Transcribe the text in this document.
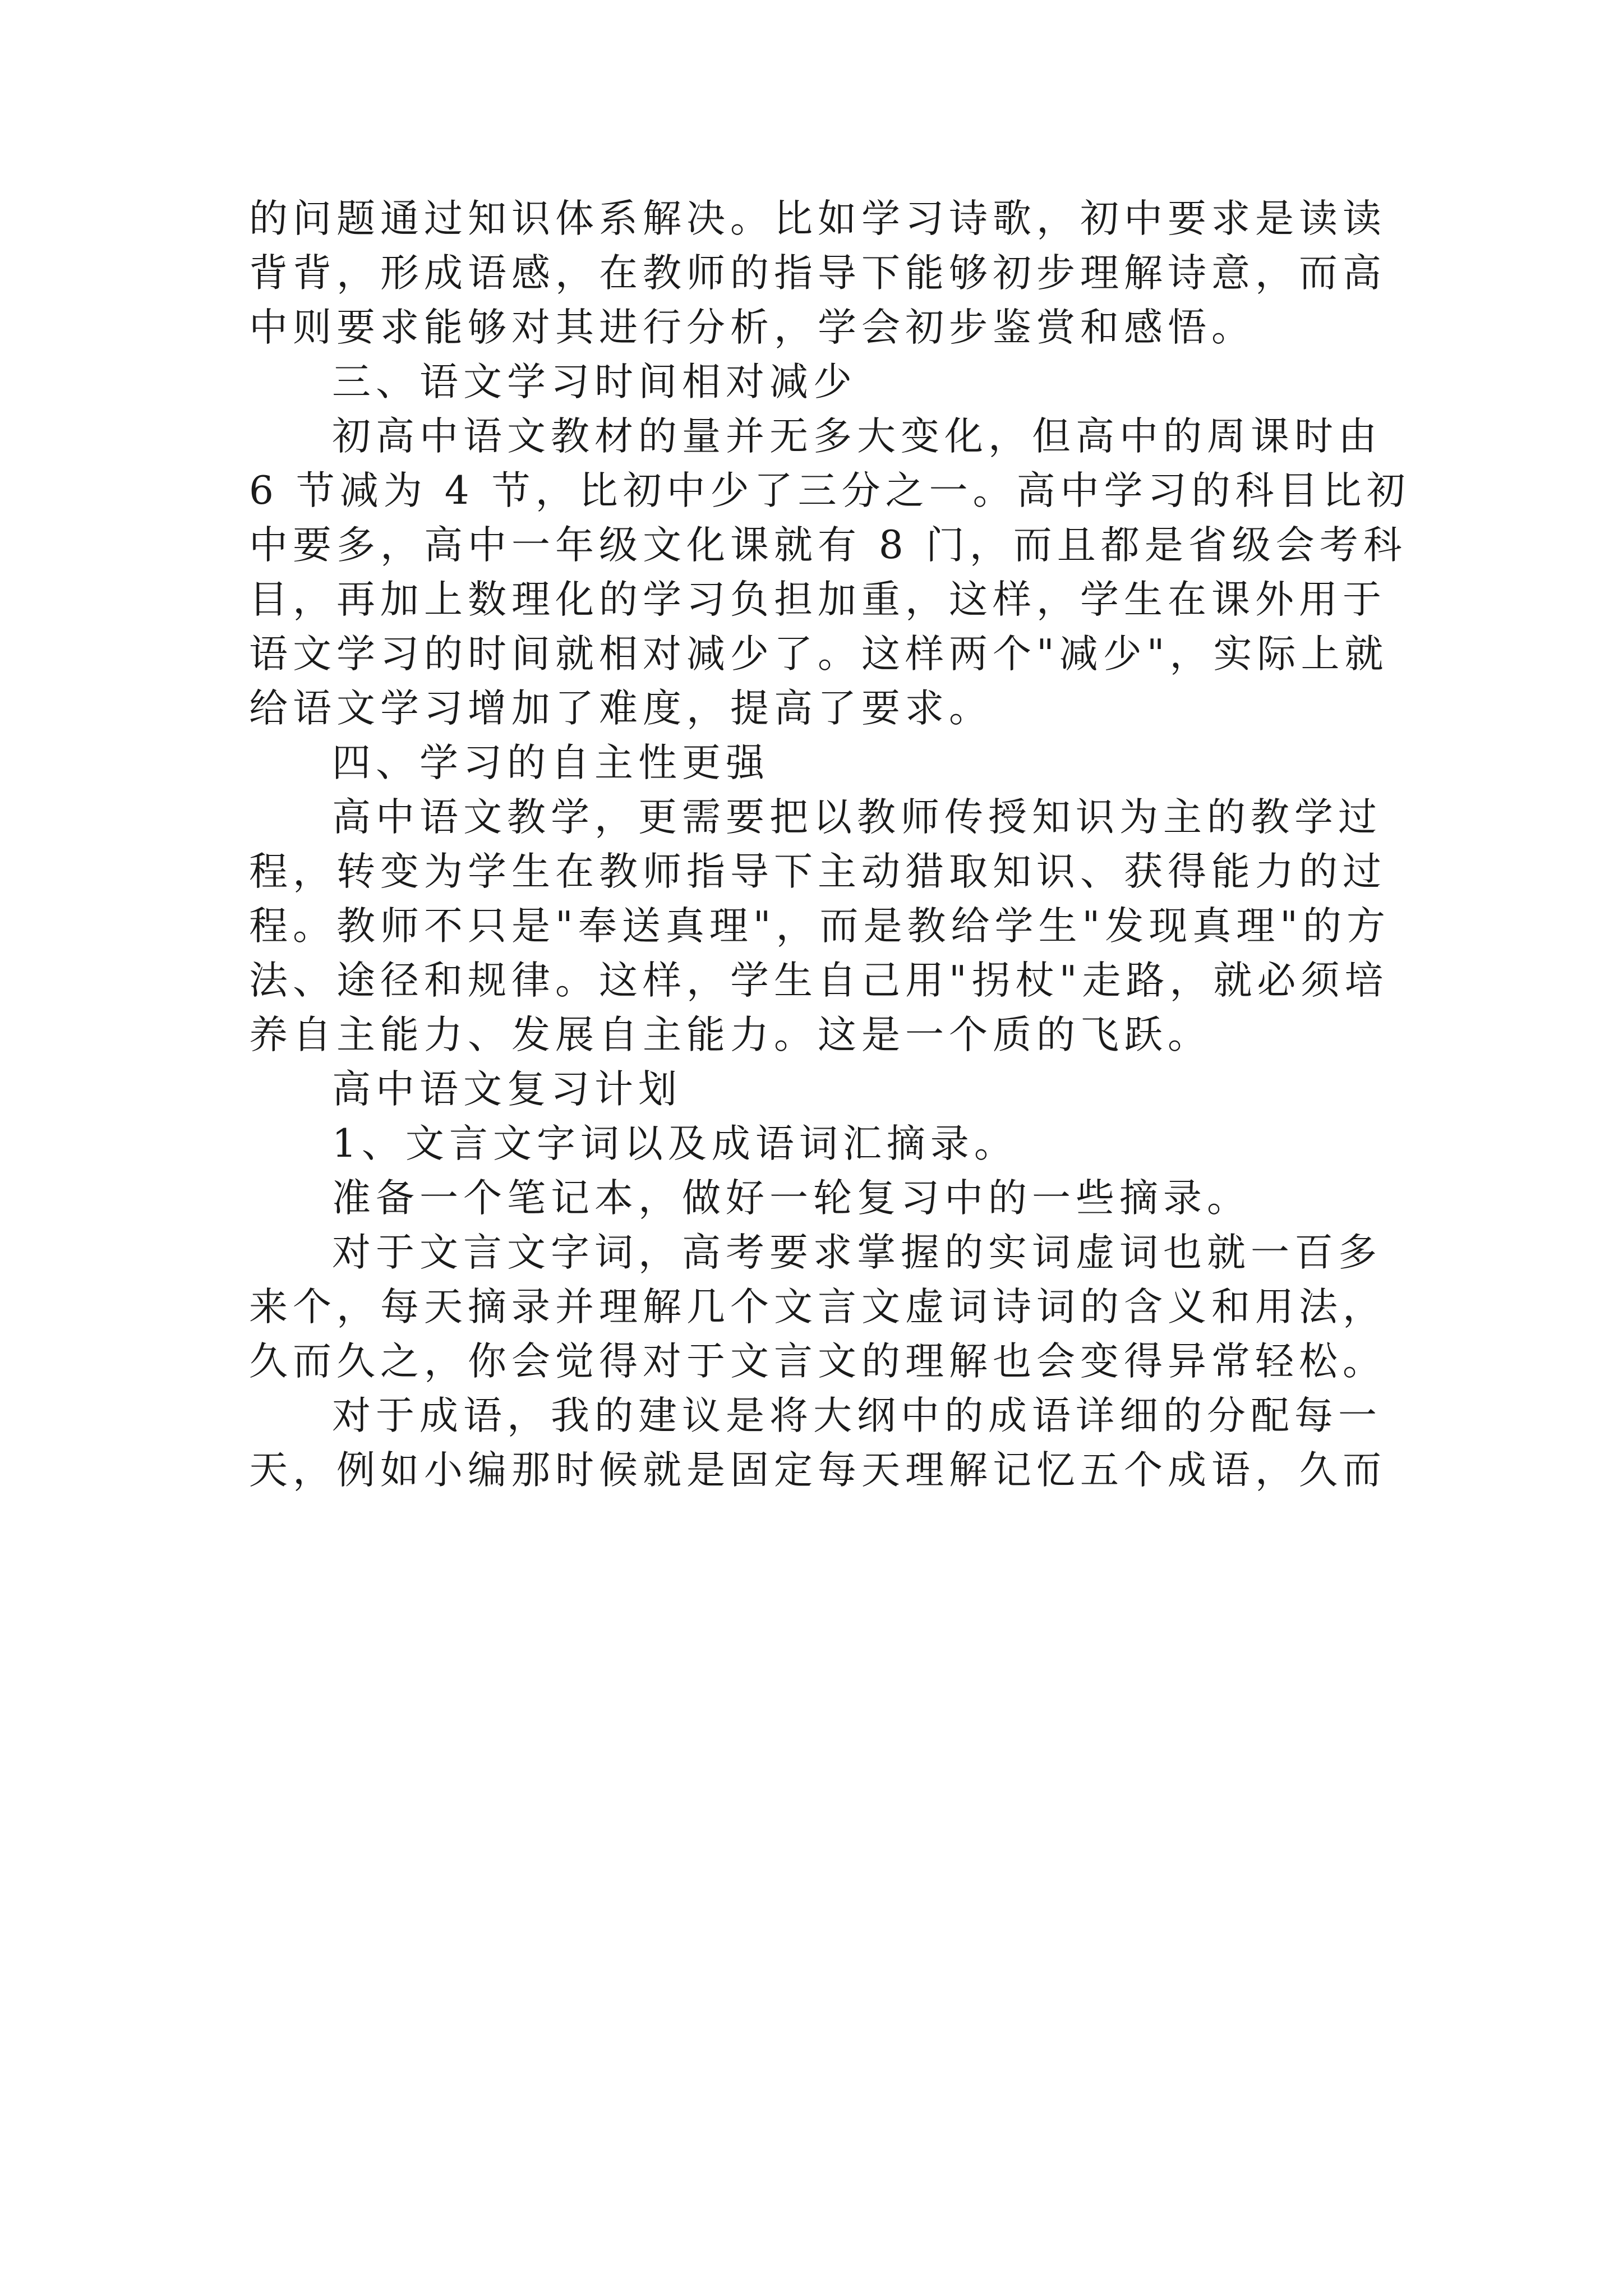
的问题通过知识体系解决。比如学习诗歌，初中要求是读读
背背，形成语感，在教师的指导下能够初步理解诗意，而高
中则要求能够对其进行分析，学会初步鉴赏和感悟。
三、语文学习时间相对减少
初高中语文教材的量并无多大变化，但高中的周课时由
6 节减为 4 节，比初中少了三分之一。高中学习的科目比初
中要多，高中一年级文化课就有 8 门，而且都是省级会考科
目，再加上数理化的学习负担加重，这样，学生在课外用于
语文学习的时间就相对减少了。这样两个"减少"，实际上就
给语文学习增加了难度，提高了要求。
四、学习的自主性更强
高中语文教学，更需要把以教师传授知识为主的教学过
程，转变为学生在教师指导下主动猎取知识、获得能力的过
程。教师不只是"奉送真理"，而是教给学生"发现真理"的方
法、途径和规律。这样，学生自己用"拐杖"走路，就必须培
养自主能力、发展自主能力。这是一个质的飞跃。
高中语文复习计划
1、文言文字词以及成语词汇摘录。
准备一个笔记本，做好一轮复习中的一些摘录。
对于文言文字词，高考要求掌握的实词虚词也就一百多
来个，每天摘录并理解几个文言文虚词诗词的含义和用法，
久而久之，你会觉得对于文言文的理解也会变得异常轻松。
对于成语，我的建议是将大纲中的成语详细的分配每一
天，例如小编那时候就是固定每天理解记忆五个成语，久而
